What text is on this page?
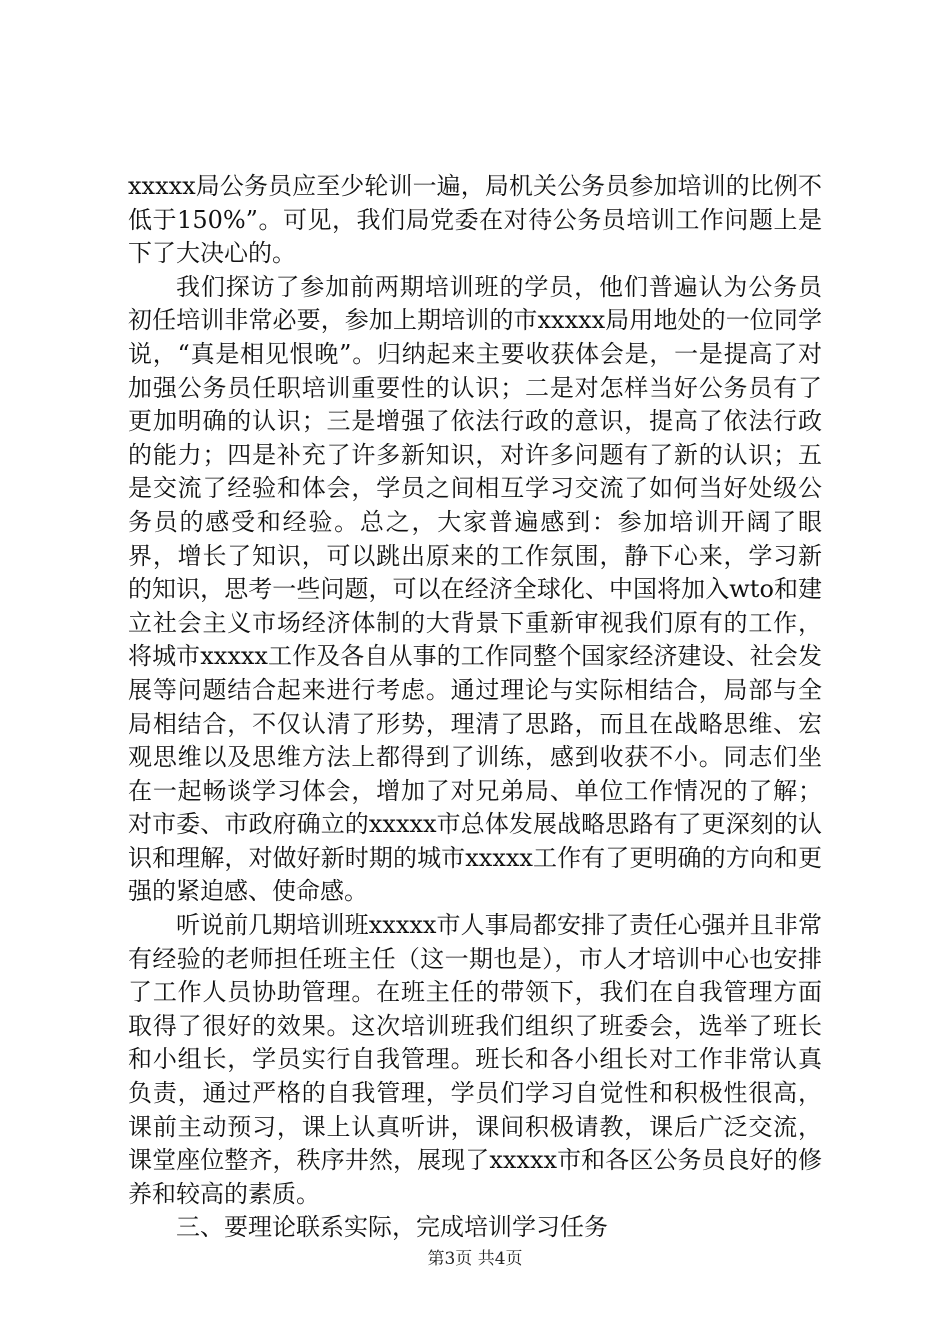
xxxxx局公务员应至少轮训一遍，局机关公务员参加培训的比例不低于150%”。可见，我们局党委在对待公务员培训工作问题上是下了大决心的。

我们探访了参加前两期培训班的学员，他们普遍认为公务员初任培训非常必要，参加上期培训的市xxxxx局用地处的一位同学说，“真是相见恨晚”。归纳起来主要收获体会是，一是提高了对加强公务员任职培训重要性的认识；二是对怎样当好公务员有了更加明确的认识；三是增强了依法行政的意识，提高了依法行政的能力；四是补充了许多新知识，对许多问题有了新的认识；五是交流了经验和体会，学员之间相互学习交流了如何当好处级公务员的感受和经验。总之，大家普遍感到：参加培训开阔了眼界，增长了知识，可以跳出原来的工作氛围，静下心来，学习新的知识，思考一些问题，可以在经济全球化、中国将加入wto和建立社会主义市场经济体制的大背景下重新审视我们原有的工作，将城市xxxxx工作及各自从事的工作同整个国家经济建设、社会发展等问题结合起来进行考虑。通过理论与实际相结合，局部与全局相结合，不仅认清了形势，理清了思路，而且在战略思维、宏观思维以及思维方法上都得到了训练，感到收获不小。同志们坐在一起畅谈学习体会，增加了对兄弟局、单位工作情况的了解；对市委、市政府确立的xxxxx市总体发展战略思路有了更深刻的认识和理解，对做好新时期的城市xxxxx工作有了更明确的方向和更强的紧迫感、使命感。

听说前几期培训班xxxxx市人事局都安排了责任心强并且非常有经验的老师担任班主任（这一期也是），市人才培训中心也安排了工作人员协助管理。在班主任的带领下，我们在自我管理方面取得了很好的效果。这次培训班我们组织了班委会，选举了班长和小组长，学员实行自我管理。班长和各小组长对工作非常认真负责，通过严格的自我管理，学员们学习自觉性和积极性很高，课前主动预习，课上认真听讲，课间积极请教，课后广泛交流，课堂座位整齐，秩序井然，展现了xxxxx市和各区公务员良好的修养和较高的素质。

三、要理论联系实际，完成培训学习任务

第3页 共4页
